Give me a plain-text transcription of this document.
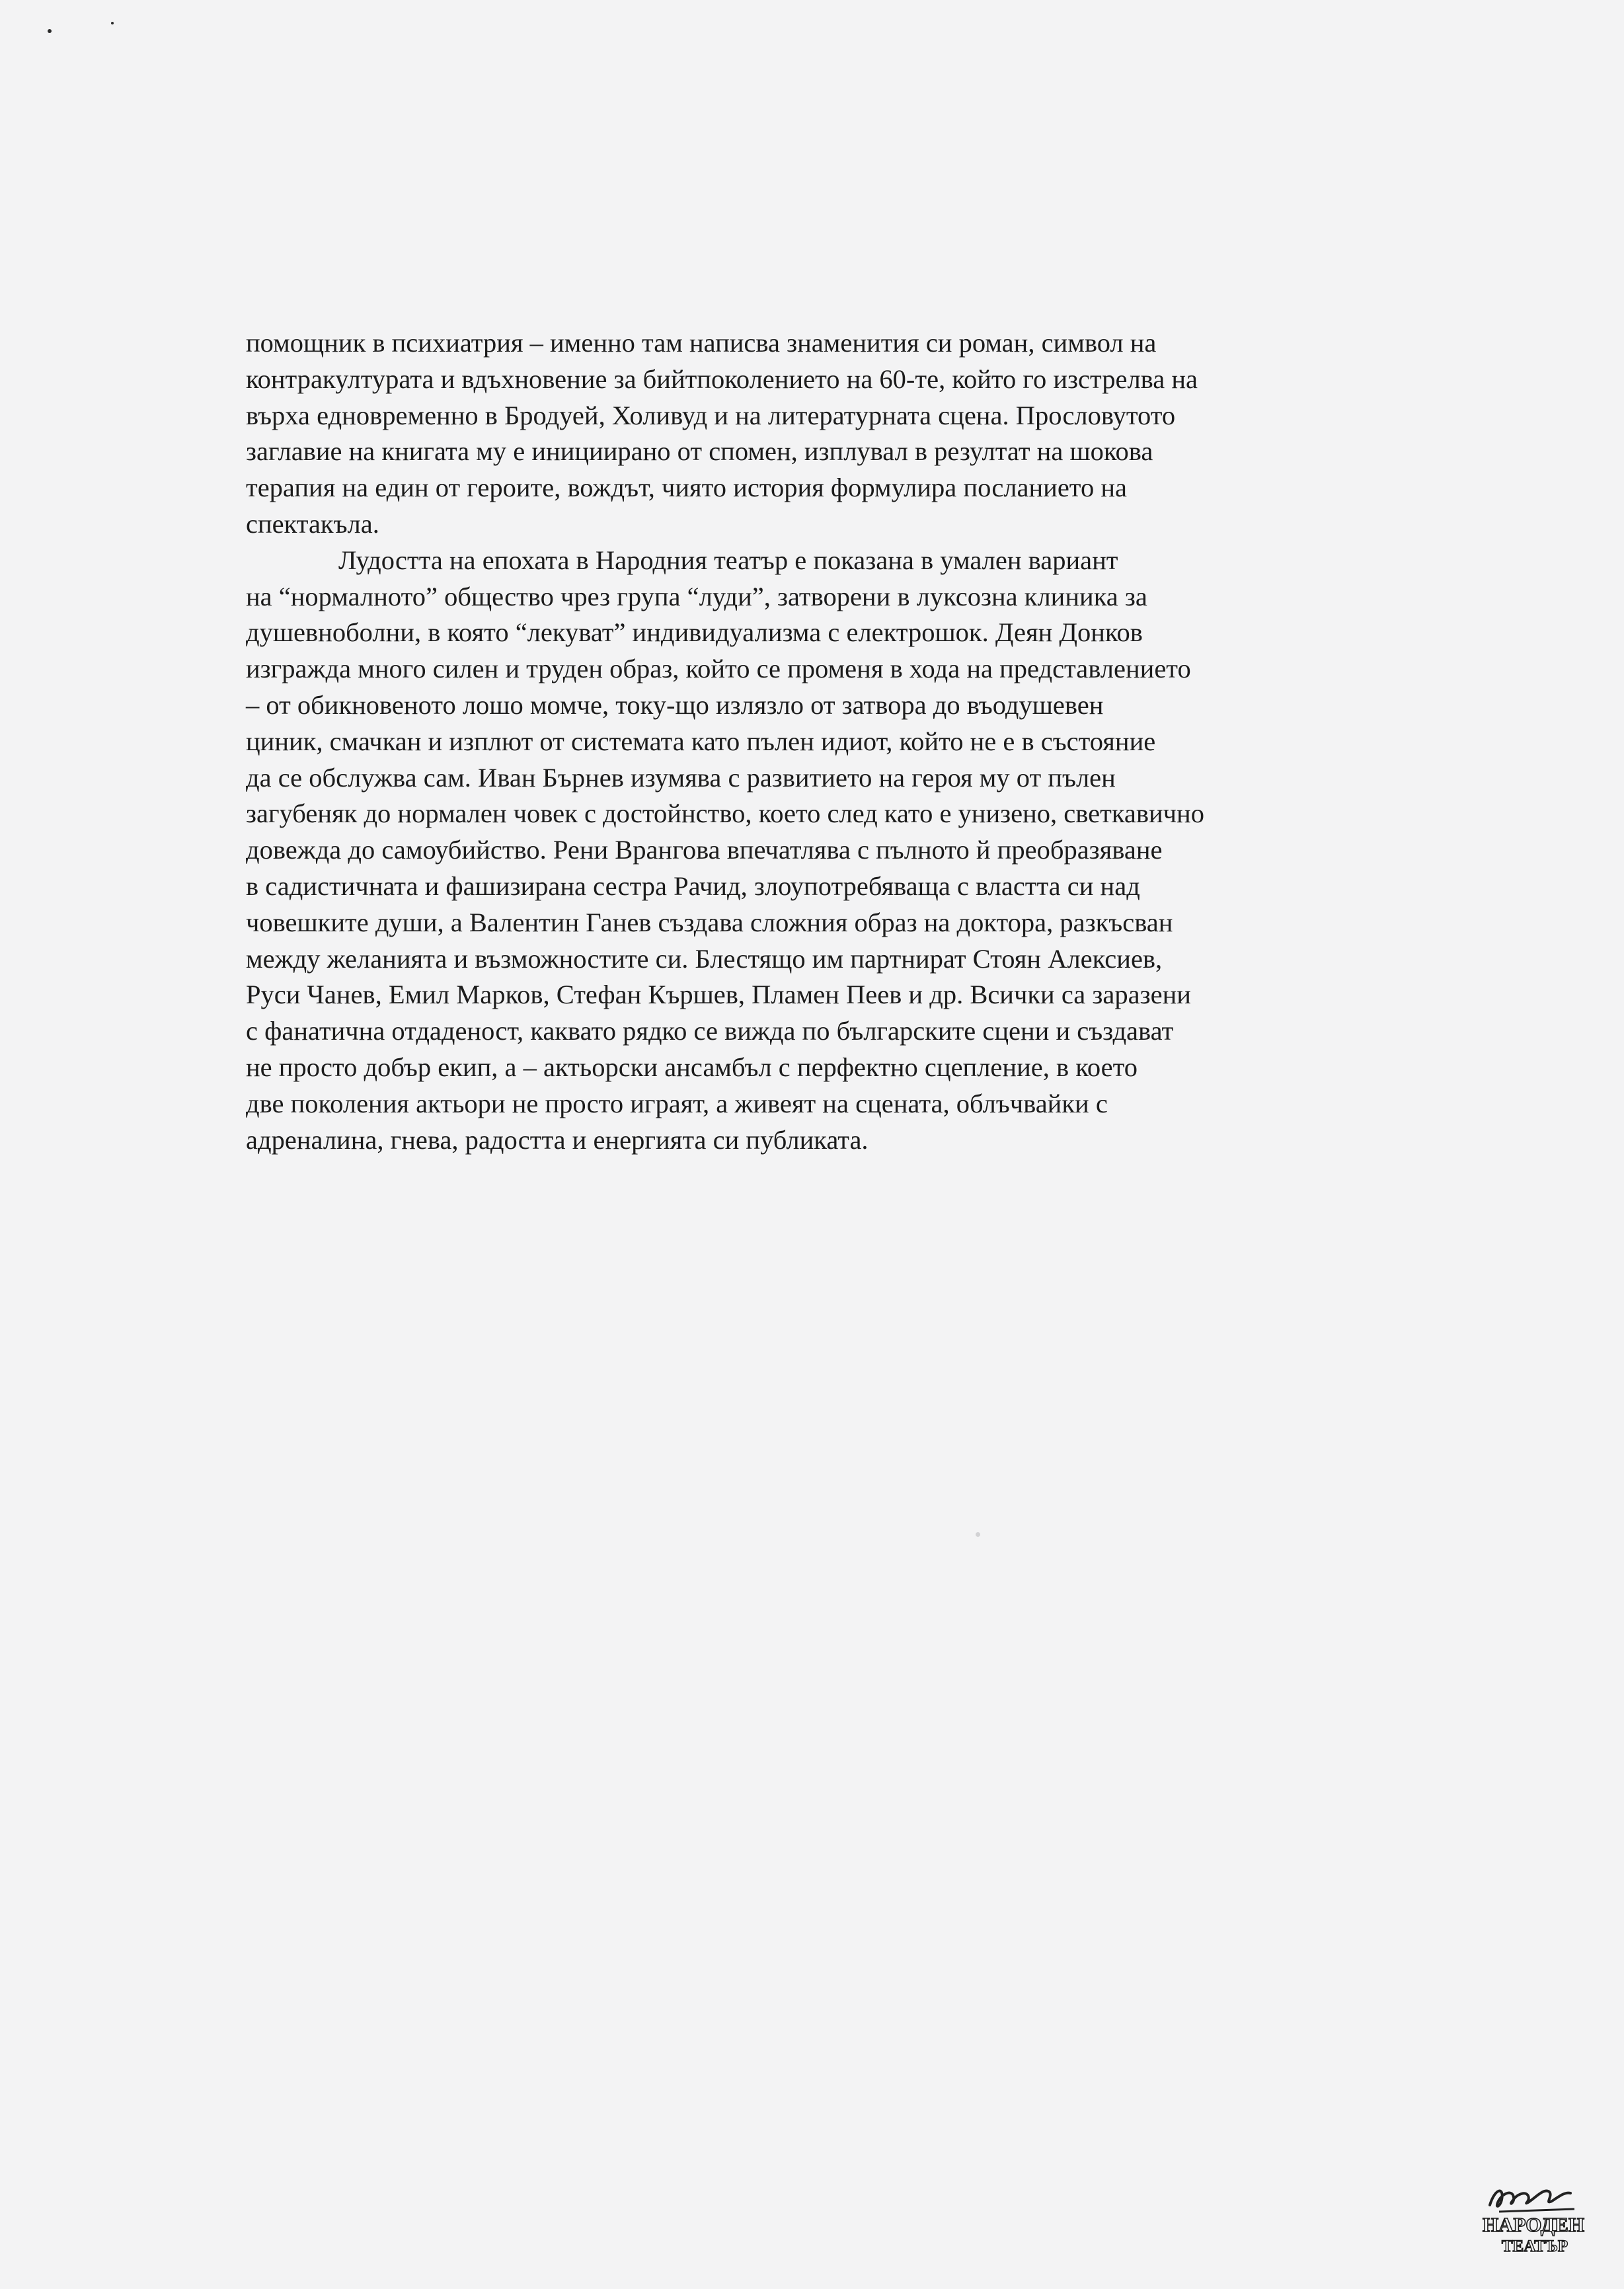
помощник в психиатрия – именно там написва знаменития си роман, символ на
контракултурата и вдъхновение за бийтпоколението на 60-те, който го изстрелва на
върха едновременно в Бродуей, Холивуд и на литературната сцена. Прословутото
заглавие на книгата му е инициирано от спомен, изплувал в резултат на шокова
терапия на един от героите, вождът, чиято история формулира посланието на
спектакъла.
Лудостта на епохата в Народния театър е показана в умален вариант
на “нормалното” общество чрез група “луди”, затворени в луксозна клиника за
душевноболни, в която “лекуват” индивидуализма с електрошок. Деян Донков
изгражда много силен и труден образ, който се променя в хода на представлението
– от обикновеното лошо момче, току-що излязло от затвора до въодушевен
циник, смачкан и изплют от системата като пълен идиот, който не е в състояние
да се обслужва сам. Иван Бърнев изумява с развитието на героя му от пълен
загубеняк до нормален човек с достойнство, което след като е унизено, светкавично
довежда до самоубийство. Рени Врангова впечатлява с пълното й преобразяване
в садистичната и фашизирана сестра Рачид, злоупотребяваща с властта си над
човешките души, а Валентин Ганев създава сложния образ на доктора, разкъсван
между желанията и възможностите си. Блестящо им партнират Стоян Алексиев,
Руси Чанев, Емил Марков, Стефан Кършев, Пламен Пеев и др. Всички са заразени
с фанатична отдаденост, каквато рядко се вижда по българските сцени и създават
не просто добър екип, а – актьорски ансамбъл с перфектно сцепление, в което
две поколения актьори не просто играят, а живеят на сцената, облъчвайки с
адреналина, гнева, радостта и енергията си публиката.
НАРОДЕН
ТЕАТЪР
